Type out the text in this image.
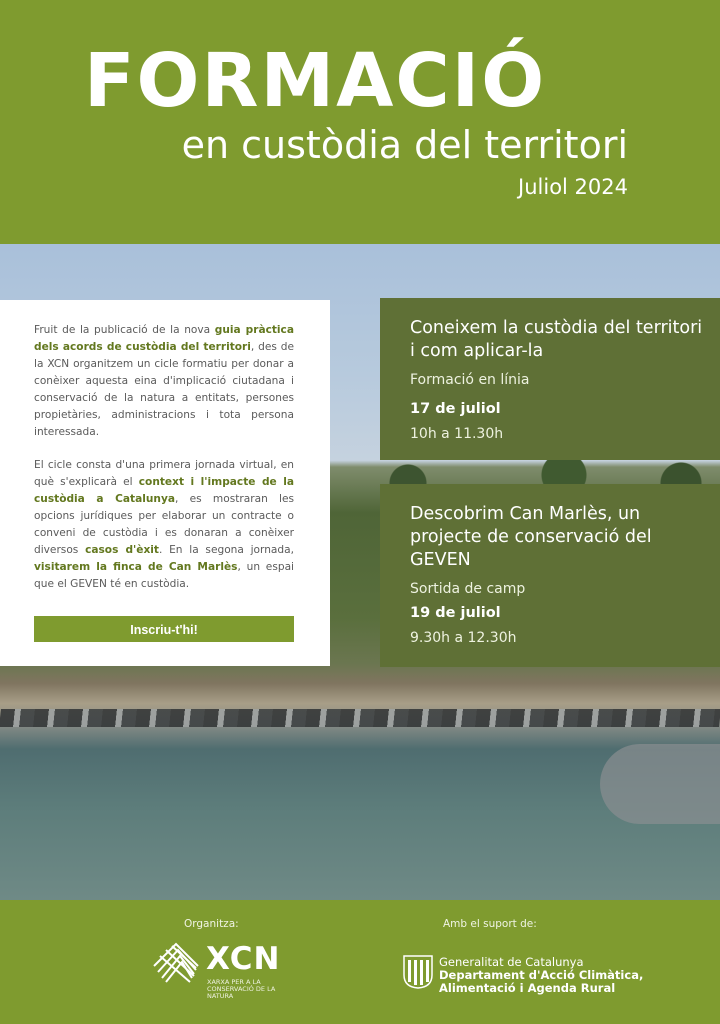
FORMACIÓ
en custòdia del territori
Juliol 2024

Fruit de la publicació de la nova guia pràctica dels acords de custòdia del territori, des de la XCN organitzem un cicle formatiu per donar a conèixer aquesta eina d'implicació ciutadana i conservació de la natura a entitats, persones propietàries, administracions i tota persona interessada.

El cicle consta d'una primera jornada virtual, en què s'explicarà el context i l'impacte de la custòdia a Catalunya, es mostraran les opcions jurídiques per elaborar un contracte o conveni de custòdia i es donaran a conèixer diversos casos d'èxit. En la segona jornada, visitarem la finca de Can Marlès, un espai que el GEVEN té en custòdia.

Inscriu-t'hi!
Coneixem la custòdia del territori i com aplicar-la
Formació en línia
17 de juliol
10h a 11.30h
Descobrim Can Marlès, un projecte de conservació del GEVEN
Sortida de camp
19 de juliol
9.30h a 12.30h
Organitza:
XCN
XARXA PER A LA CONSERVACIÓ DE LA NATURA
Amb el suport de:
Generalitat de Catalunya
Departament d'Acció Climàtica,
Alimentació i Agenda Rural
